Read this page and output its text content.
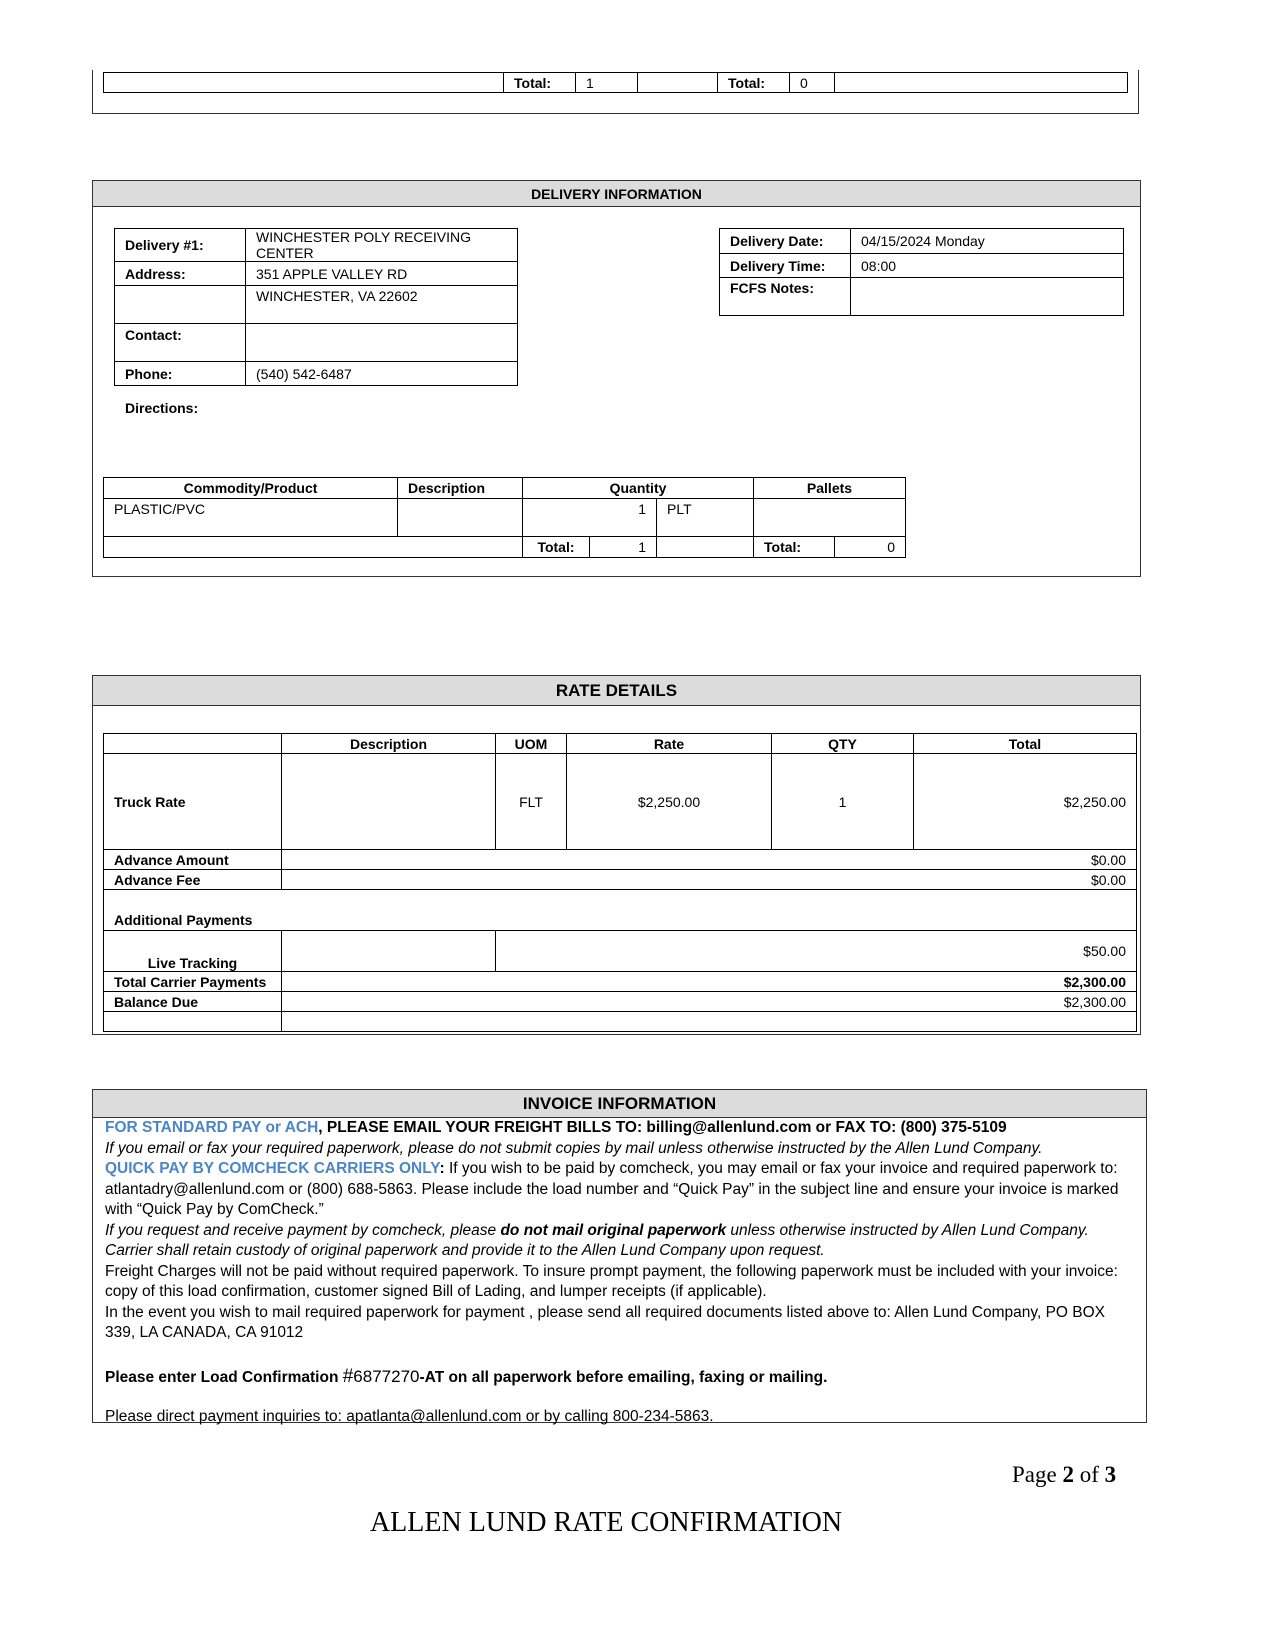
	Total:	1		Total:	0	
DELIVERY INFORMATION
Delivery #1:	WINCHESTER POLY RECEIVING CENTER
Address:	351 APPLE VALLEY RD
	WINCHESTER, VA 22602
Contact:	
Phone:	(540) 542-6487
Delivery Date:	04/15/2024 Monday
Delivery Time:	08:00
FCFS Notes:	
Directions:
Commodity/Product	Description	Quantity			Pallets	
PLASTIC/PVC		1		PLT		
		Total:	1		Total:	0
RATE DETAILS
	Description	UOM	Rate	QTY	Total
Truck Rate		FLT	$2,250.00	1	$2,250.00
Advance Amount	$0.00				
Advance Fee	$0.00				
Additional Payments					
Live Tracking		$50.00			
Total Carrier Payments	$2,300.00				
Balance Due	$2,300.00				

INVOICE INFORMATION
FOR STANDARD PAY or ACH, PLEASE EMAIL YOUR FREIGHT BILLS TO: billing@allenlund.com or FAX TO: (800) 375-5109
If you email or fax your required paperwork, please do not submit copies by mail unless otherwise instructed by the Allen Lund Company.
QUICK PAY BY COMCHECK CARRIERS ONLY: If you wish to be paid by comcheck, you may email or fax your invoice and required paperwork to: atlantadry@allenlund.com or (800) 688-5863. Please include the load number and “Quick Pay” in the subject line and ensure your invoice is marked with “Quick Pay by ComCheck.”
If you request and receive payment by comcheck, please do not mail original paperwork unless otherwise instructed by Allen Lund Company. Carrier shall retain custody of original paperwork and provide it to the Allen Lund Company upon request.
Freight Charges will not be paid without required paperwork. To insure prompt payment, the following paperwork must be included with your invoice: copy of this load confirmation, customer signed Bill of Lading, and lumper receipts (if applicable).
In the event you wish to mail required paperwork for payment , please send all required documents listed above to: Allen Lund Company, PO BOX 339, LA CANADA, CA 91012
Please enter Load Confirmation #6877270-AT on all paperwork before emailing, faxing or mailing.
Please direct payment inquiries to: apatlanta@allenlund.com or by calling 800-234-5863.
Page 2 of 3
ALLEN LUND RATE CONFIRMATION
